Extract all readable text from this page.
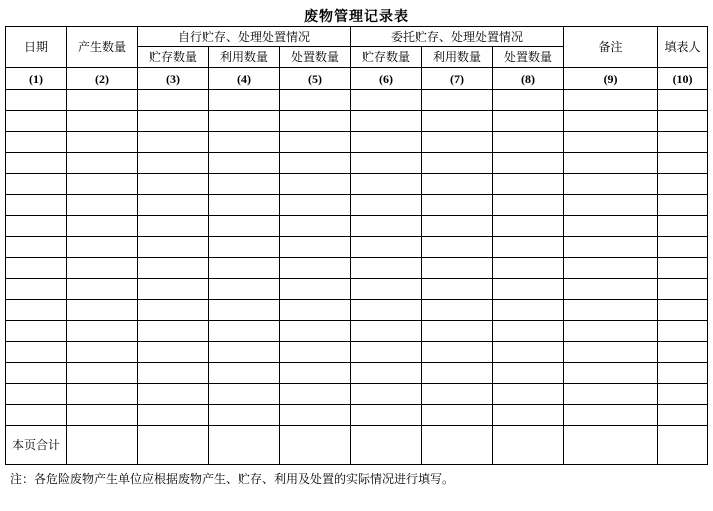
废物管理记录表
日期	产生数量	自行贮存、处理处置情况			委托贮存、处理处置情况			备注	填表人

		贮存数量	利用数量	处置数量	贮存数量	利用数量	处置数量		
(1)	(2)	(3)	(4)	(5)	(6)	(7)	(8)	(9)	(10)

本页合计									

注：各危险废物产生单位应根据废物产生、贮存、利用及处置的实际情况进行填写。
